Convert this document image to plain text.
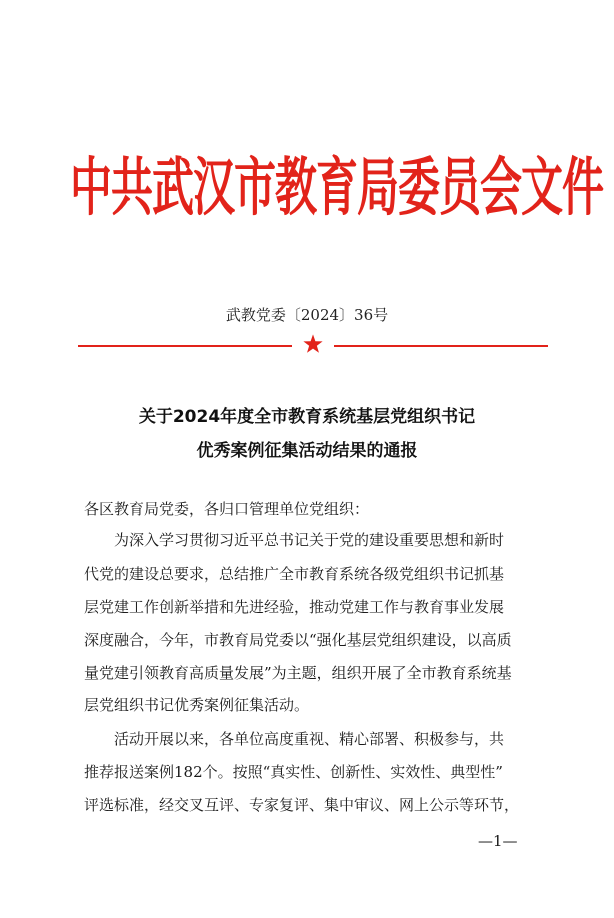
中共武汉市教育局委员会文件
武教党委〔2024〕36号
关于2024年度全市教育系统基层党组织书记
优秀案例征集活动结果的通报
各区教育局党委，各归口管理单位党组织：
为深入学习贯彻习近平总书记关于党的建设重要思想和新时
代党的建设总要求，总结推广全市教育系统各级党组织书记抓基
层党建工作创新举措和先进经验，推动党建工作与教育事业发展
深度融合，今年，市教育局党委以“强化基层党组织建设，以高质
量党建引领教育高质量发展”为主题，组织开展了全市教育系统基
层党组织书记优秀案例征集活动。
活动开展以来，各单位高度重视、精心部署、积极参与，共
推荐报送案例182个。按照“真实性、创新性、实效性、典型性”
评选标准，经交叉互评、专家复评、集中审议、网上公示等环节，
—1—
